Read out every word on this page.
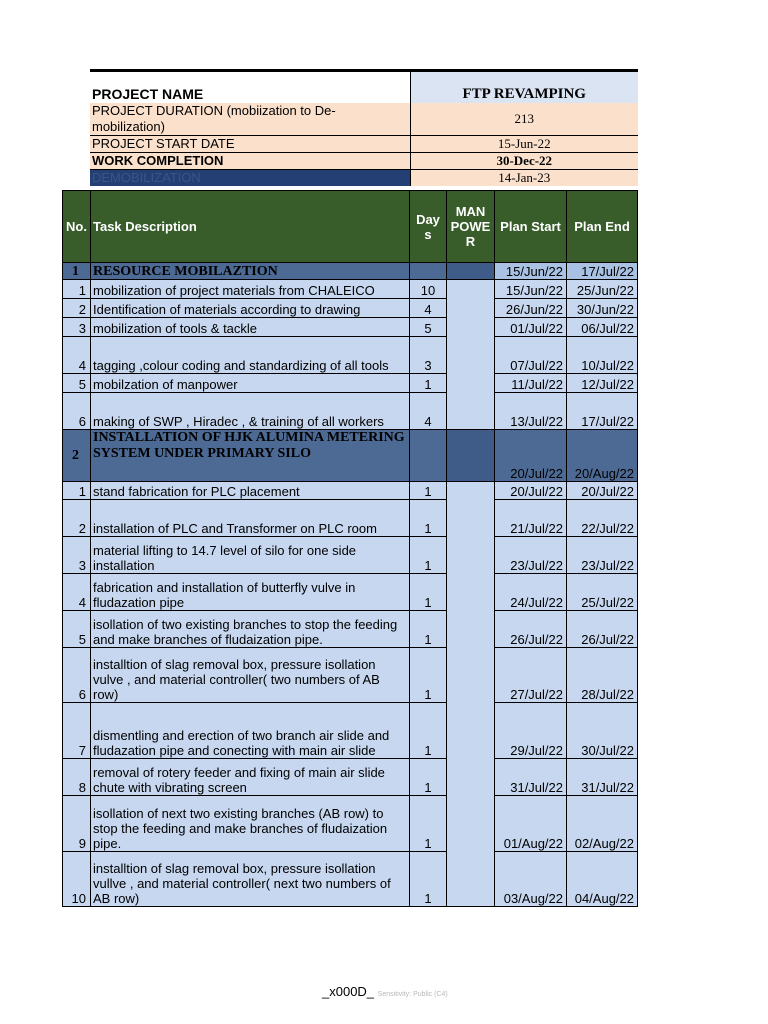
PROJECT NAME	FTP REVAMPING
PROJECT DURATION (mobiization to De-mobilization)	213
PROJECT START DATE	15-Jun-22
WORK COMPLETION	30-Dec-22
DEMOBILIZATION	14-Jan-23
No.	Task Description	Day s	MAN POWE R	Plan Start	Plan End
1	RESOURCE MOBILAZTION			15/Jun/22	17/Jul/22
1	mobilization of project materials from CHALEICO	10		15/Jun/22	25/Jun/22
2	Identification of materials according to drawing	4		26/Jun/22	30/Jun/22
3	mobilization of tools & tackle	5		01/Jul/22	06/Jul/22
4	tagging ,colour coding and standardizing of all tools	3		07/Jul/22	10/Jul/22
5	mobilzation of manpower	1		11/Jul/22	12/Jul/22
6	making of SWP , Hiradec , & training of all workers	4		13/Jul/22	17/Jul/22
2	INSTALLATION OF HJK ALUMINA METERING SYSTEM UNDER PRIMARY SILO			20/Jul/22	20/Aug/22
1	stand fabrication for PLC placement	1		20/Jul/22	20/Jul/22
2	installation of PLC and Transformer on PLC room	1		21/Jul/22	22/Jul/22
3	material lifting to 14.7 level of silo for one side installation	1		23/Jul/22	23/Jul/22
4	fabrication and installation of butterfly vulve in fludazation pipe	1		24/Jul/22	25/Jul/22
5	isollation of two existing branches to stop the feeding and make branches of fludaization pipe.	1		26/Jul/22	26/Jul/22
6	installtion of slag removal box, pressure isollation vulve , and material controller( two numbers of AB row)	1		27/Jul/22	28/Jul/22
7	dismentling and erection of two branch air slide and fludazation pipe and conecting with main air slide	1		29/Jul/22	30/Jul/22
8	removal of rotery feeder and fixing of main air slide chute with vibrating screen	1		31/Jul/22	31/Jul/22
9	isollation of next two existing branches (AB row) to stop the feeding and make branches of fludaization pipe.	1		01/Aug/22	02/Aug/22
10	installtion of slag removal box, pressure isollation vullve , and material controller( next two numbers of AB row)	1		03/Aug/22	04/Aug/22
_x000D_ Sensitivity: Public (C4)
